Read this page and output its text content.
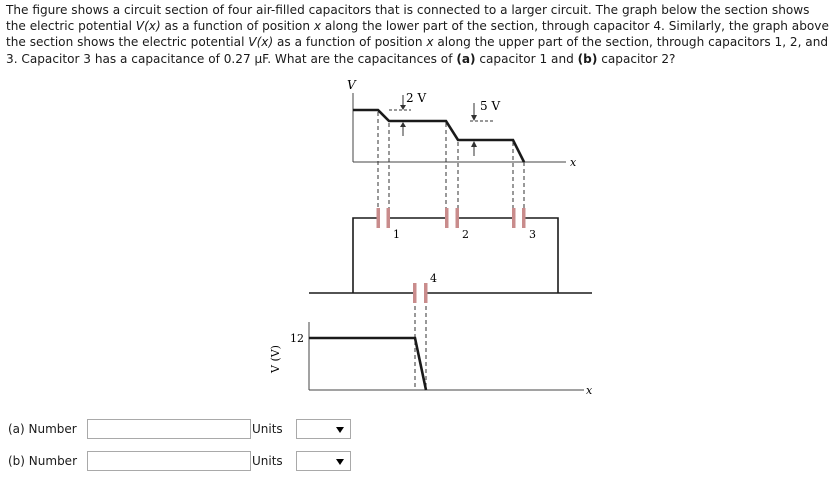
The figure shows a circuit section of four air-filled capacitors that is connected to a larger circuit. The graph below the section shows the electric potential V(x) as a function of position x along the lower part of the section, through capacitor 4. Similarly, the graph above the section shows the electric potential V(x) as a function of position x along the upper part of the section, through capacitors 1, 2, and 3. Capacitor 3 has a capacitance of 0.27 μF. What are the capacitances of (a) capacitor 1 and (b) capacitor 2?

V
x
2 V
5 V
1	2	3
4
x
12
V (V)
(a) Number	Units
(b) Number	Units
